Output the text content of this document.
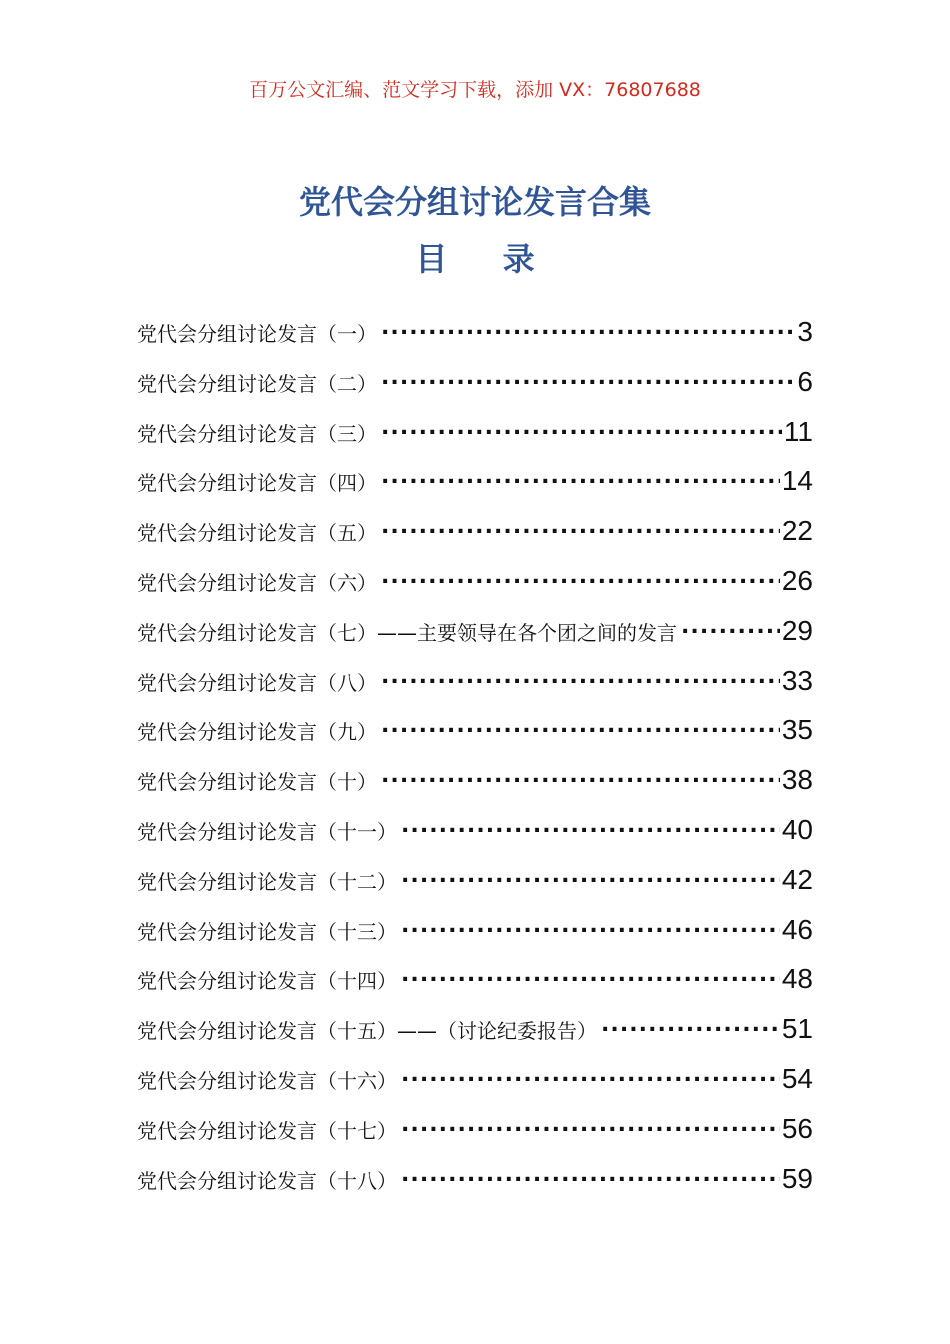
百万公文汇编、范文学习下载，添加 VX：76807688
党代会分组讨论发言合集
目 录
党代会分组讨论发言（一） . . .	3
党代会分组讨论发言（二） . . .	6
党代会分组讨论发言（三） . . .	11
党代会分组讨论发言（四） . . .	14
党代会分组讨论发言（五） . . .	22
党代会分组讨论发言（六） . . .	26
党代会分组讨论发言（七）——主要领导在各个团之间的发言 . . .	29
党代会分组讨论发言（八） . . .	33
党代会分组讨论发言（九） . . .	35
党代会分组讨论发言（十） . . .	38
党代会分组讨论发言（十一） . . .	40
党代会分组讨论发言（十二） . . .	42
党代会分组讨论发言（十三） . . .	46
党代会分组讨论发言（十四） . . .	48
党代会分组讨论发言（十五）——（讨论纪委报告） . . .	51
党代会分组讨论发言（十六） . . .	54
党代会分组讨论发言（十七） . . .	56
党代会分组讨论发言（十八） . . .	59
